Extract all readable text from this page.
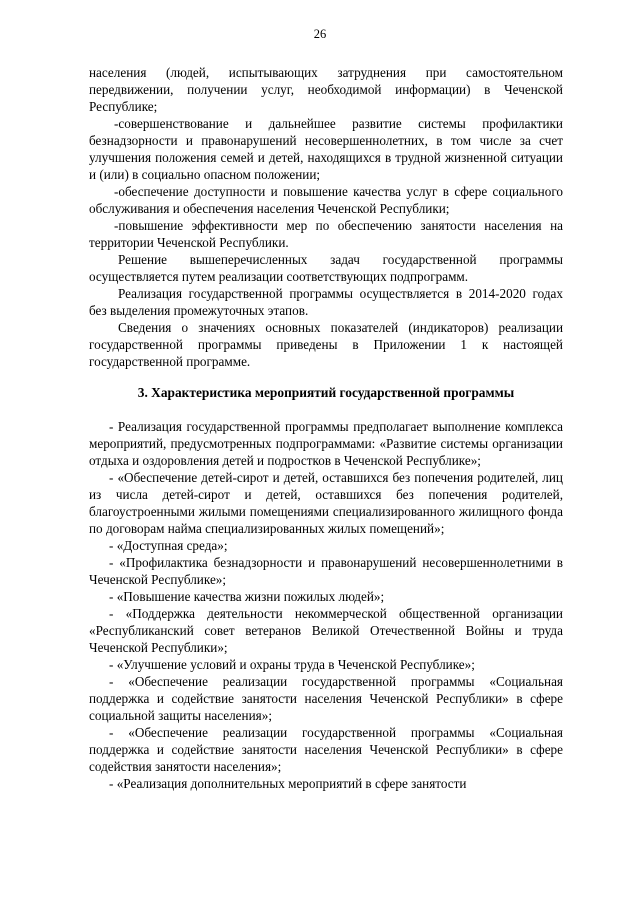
26

населения (людей, испытывающих затруднения при самостоятельном передвижении, получении услуг, необходимой информации) в Чеченской Республике;

-совершенствование и дальнейшее развитие системы профилактики безнадзорности и правонарушений несовершеннолетних, в том числе за счет улучшения положения семей и детей, находящихся в трудной жизненной ситуации и (или) в социально опасном положении;

-обеспечение доступности и повышение качества услуг в сфере социального обслуживания и обеспечения населения Чеченской Республики;

-повышение эффективности мер по обеспечению занятости населения на территории Чеченской Республики.

Решение вышеперечисленных задач государственной программы осуществляется путем реализации соответствующих подпрограмм.

Реализация государственной программы осуществляется в 2014-2020 годах без выделения промежуточных этапов.

Сведения о значениях основных показателей (индикаторов) реализации государственной программы приведены в Приложении 1 к настоящей государственной программе.

3. Характеристика мероприятий государственной программы

- Реализация государственной программы предполагает выполнение комплекса мероприятий, предусмотренных подпрограммами: «Развитие системы организации отдыха и оздоровления детей и подростков в Чеченской Республике»;

- «Обеспечение детей-сирот и детей, оставшихся без попечения родителей, лиц из числа детей-сирот и детей, оставшихся без попечения родителей, благоустроенными жилыми помещениями специализированного жилищного фонда по договорам найма специализированных жилых помещений»;

- «Доступная среда»;

- «Профилактика безнадзорности и правонарушений несовершеннолетними в Чеченской Республике»;

- «Повышение качества жизни пожилых людей»;

- «Поддержка деятельности некоммерческой общественной организации «Республиканский совет ветеранов Великой Отечественной Войны и труда Чеченской Республики»;

- «Улучшение условий и охраны труда в Чеченской Республике»;

- «Обеспечение реализации государственной программы «Социальная поддержка и содействие занятости населения Чеченской Республики» в сфере социальной защиты населения»;

- «Обеспечение реализации государственной программы «Социальная поддержка и содействие занятости населения Чеченской Республики» в сфере содействия занятости населения»;

- «Реализация дополнительных мероприятий в сфере занятости
